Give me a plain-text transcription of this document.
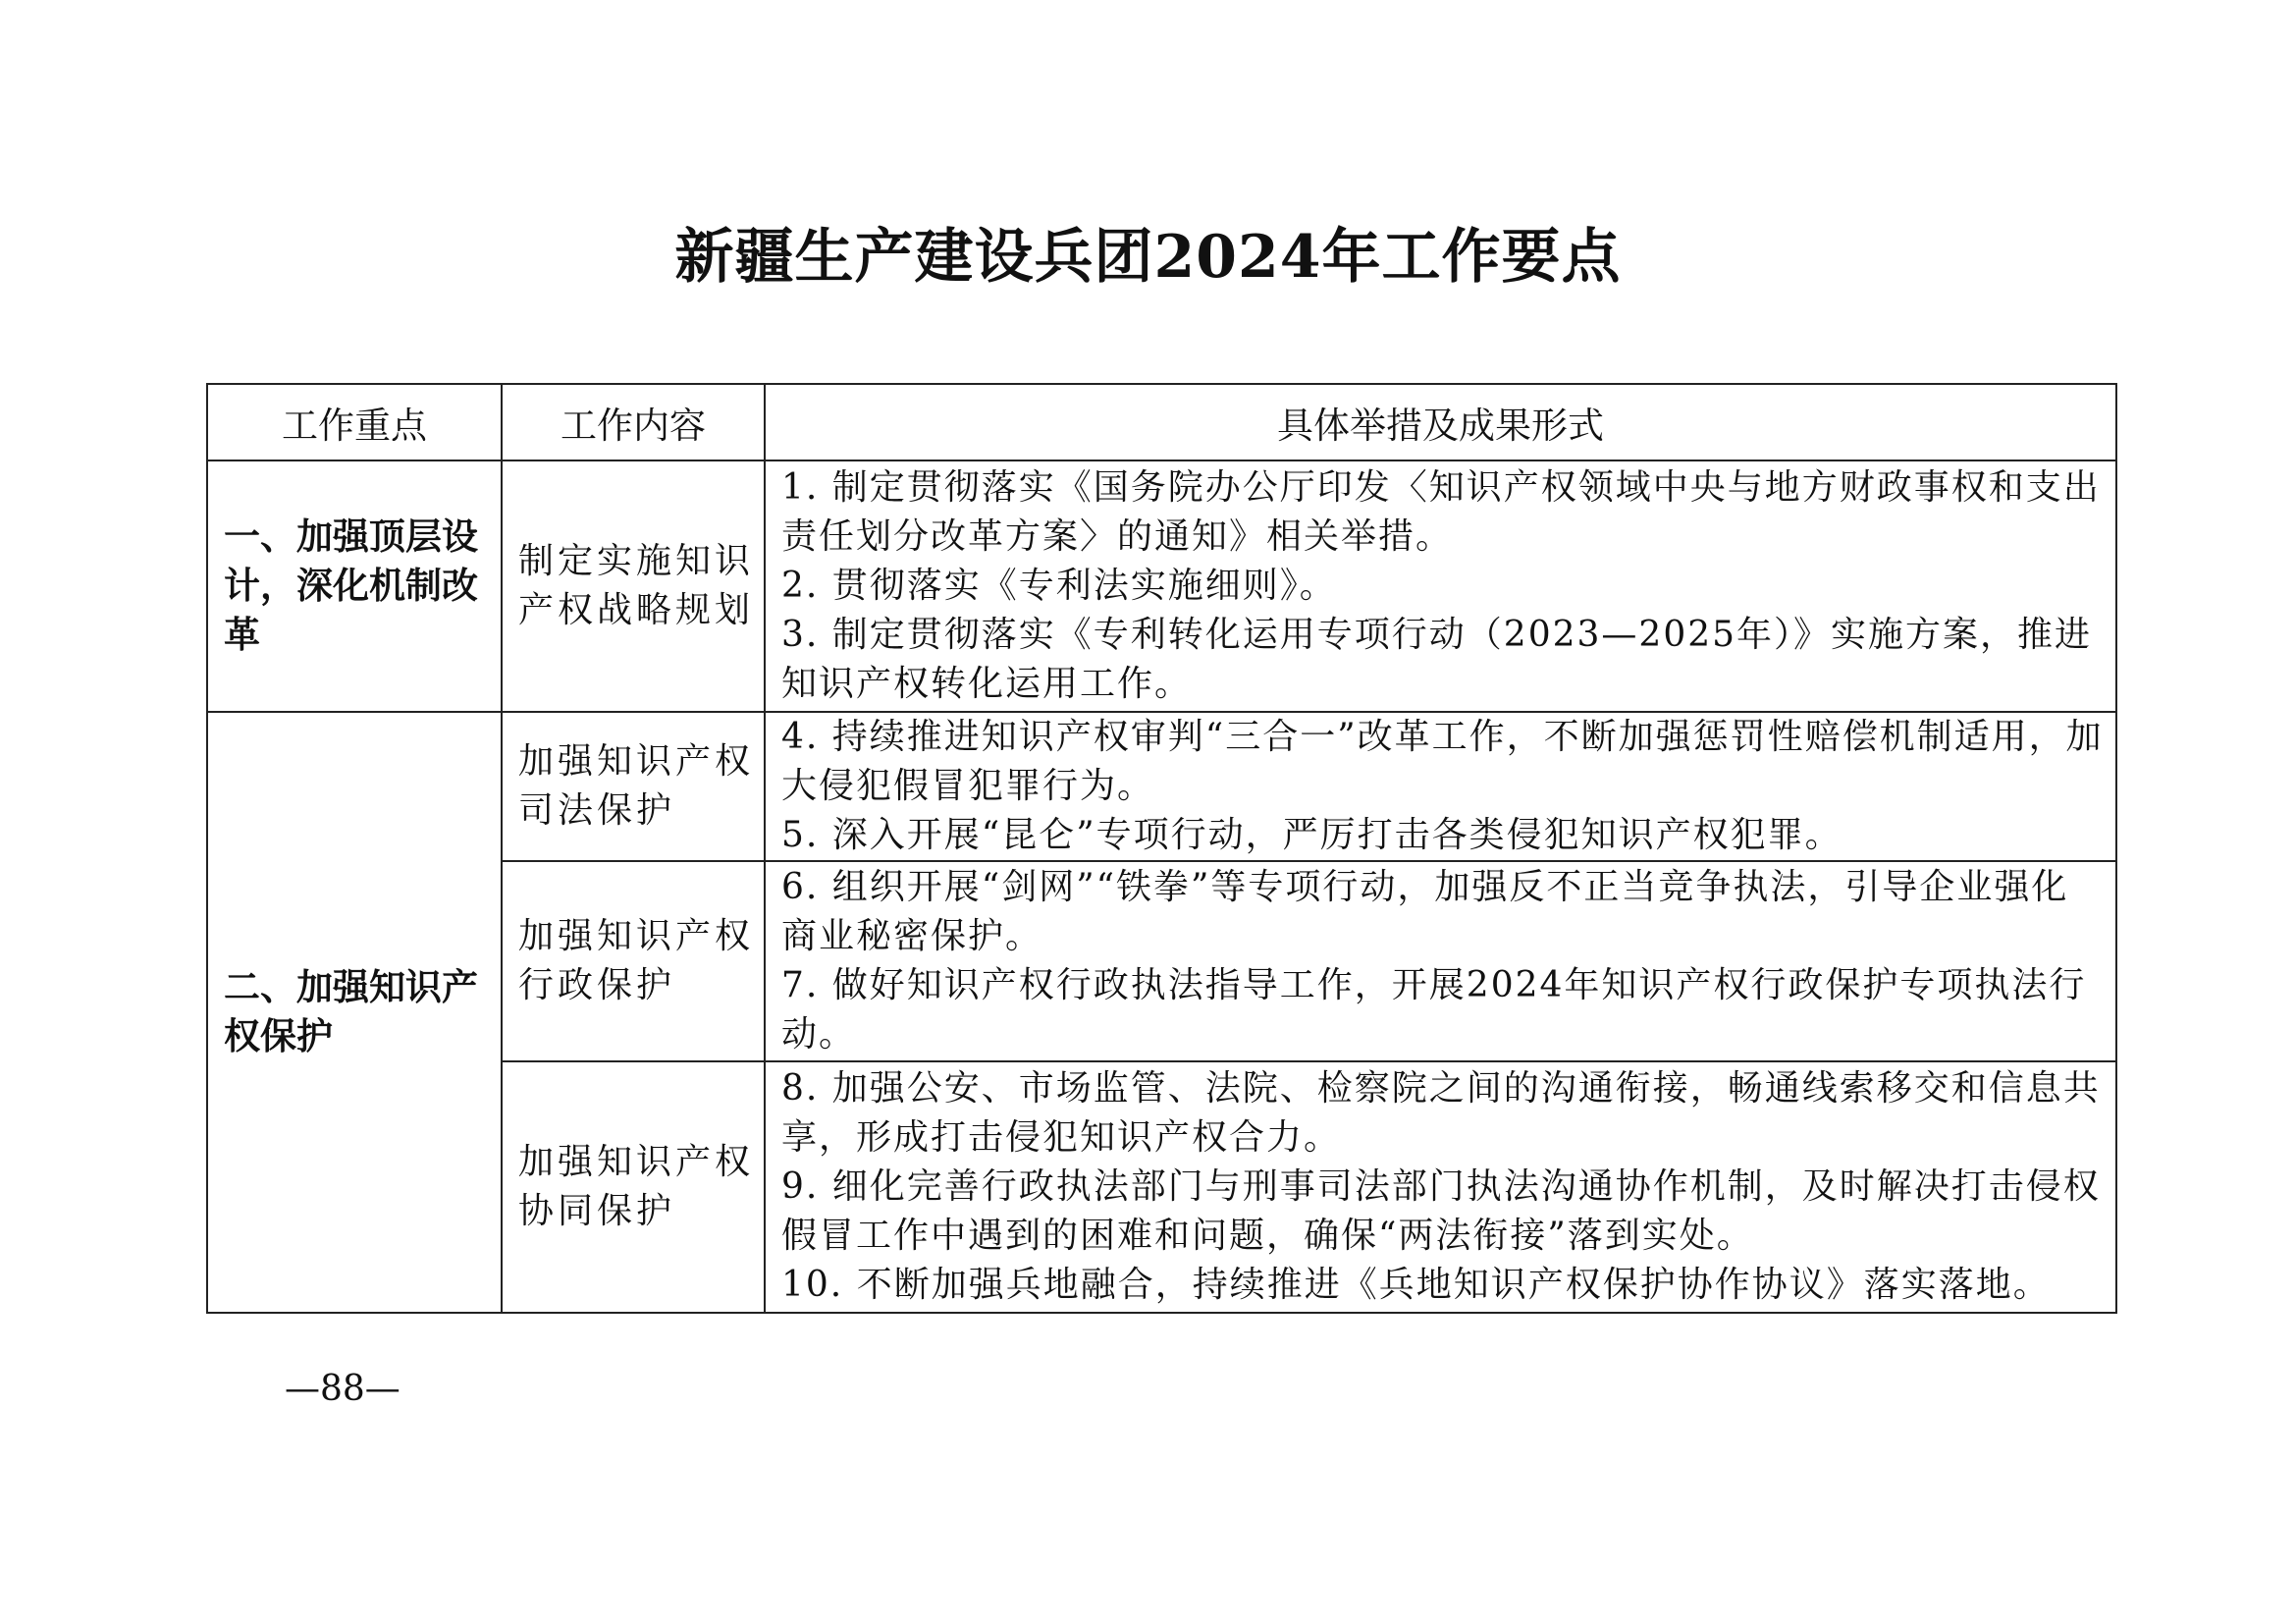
新疆生产建设兵团2024年工作要点
工作重点	工作内容	具体举措及成果形式
一、加强顶层设计，深化机制改革	制定实施知识产权战略规划	1. 制定贯彻落实《国务院办公厅印发〈知识产权领域中央与地方财政事权和支出责任划分改革方案〉的通知》相关举措。
2. 贯彻落实《专利法实施细则》。
3. 制定贯彻落实《专利转化运用专项行动（2023—2025年）》实施方案，推进知识产权转化运用工作。

二、加强知识产权保护	加强知识产权司法保护	4. 持续推进知识产权审判“三合一”改革工作，不断加强惩罚性赔偿机制适用，加大侵犯假冒犯罪行为。
5. 深入开展“昆仑”专项行动，严厉打击各类侵犯知识产权犯罪。

	加强知识产权行政保护	6. 组织开展“剑网”“铁拳”等专项行动，加强反不正当竞争执法，引导企业强化商业秘密保护。
7. 做好知识产权行政执法指导工作，开展2024年知识产权行政保护专项执法行动。

	加强知识产权协同保护	8. 加强公安、市场监管、法院、检察院之间的沟通衔接，畅通线索移交和信息共享，形成打击侵犯知识产权合力。
9. 细化完善行政执法部门与刑事司法部门执法沟通协作机制，及时解决打击侵权假冒工作中遇到的困难和问题，确保“两法衔接”落到实处。
10. 不断加强兵地融合，持续推进《兵地知识产权保护协作协议》落实落地。
—88—
